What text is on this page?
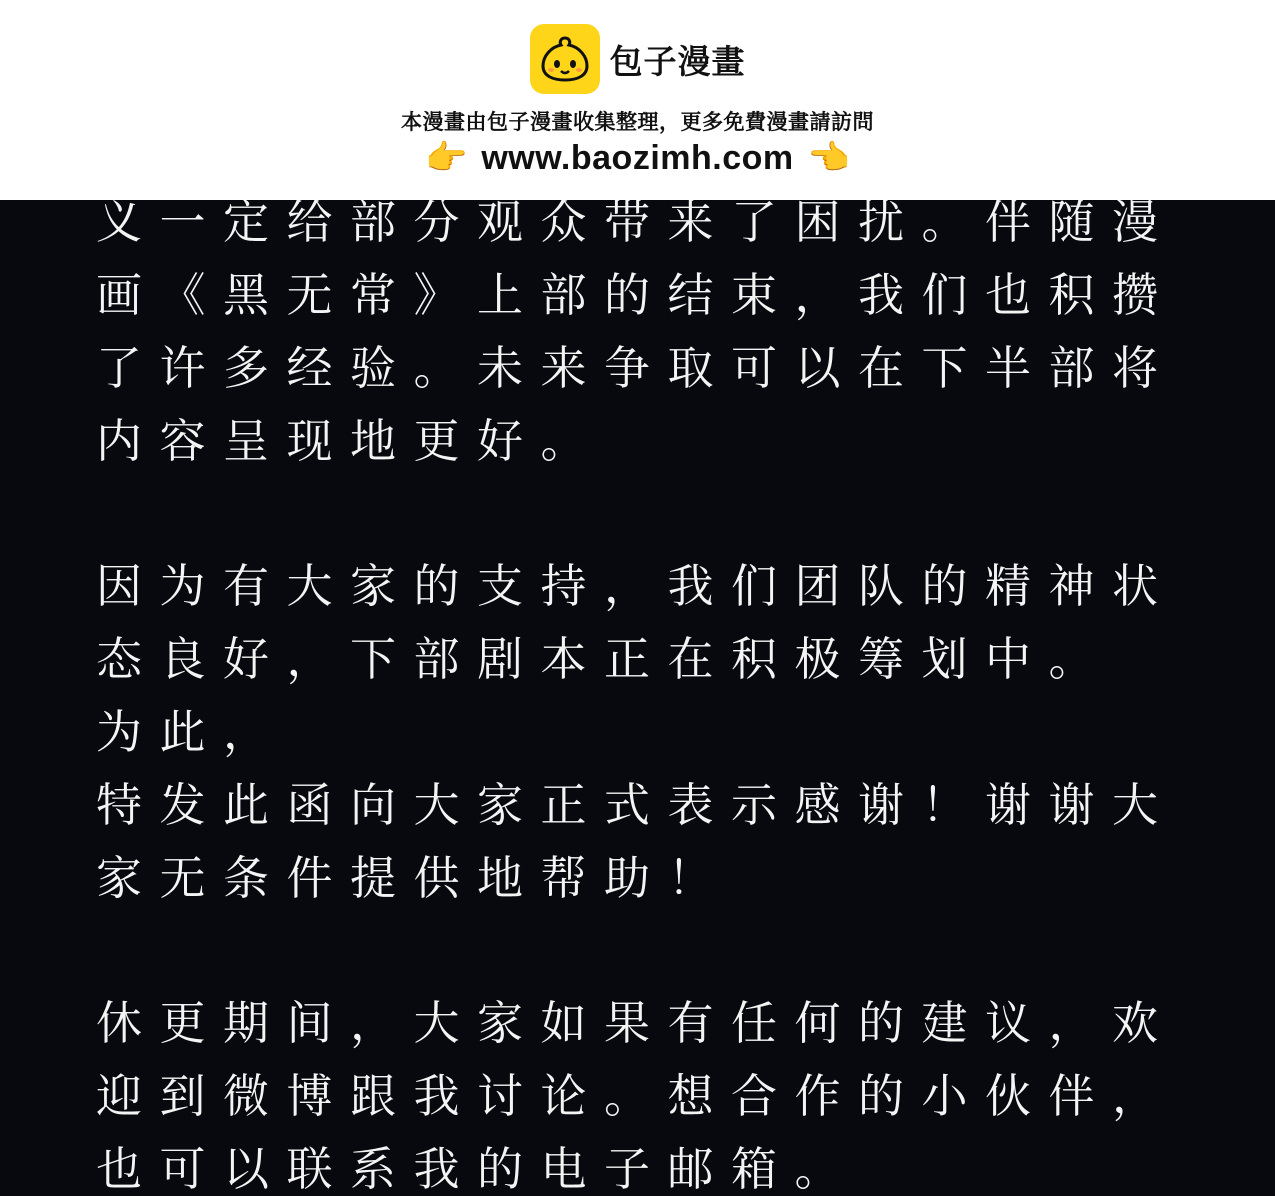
包子漫畫
本漫畫由包子漫畫收集整理，更多免費漫畫請訪問
👉 www.baozimh.com 👈
义一定给部分观众带来了困扰。伴随漫
画《黑无常》上部的结束，我们也积攒
了许多经验。未来争取可以在下半部将
内容呈现地更好。
因为有大家的支持，我们团队的精神状
态良好，下部剧本正在积极筹划中。
为此，
特发此函向大家正式表示感谢！谢谢大
家无条件提供地帮助！
休更期间，大家如果有任何的建议，欢
迎到微博跟我讨论。想合作的小伙伴，
也可以联系我的电子邮箱。
